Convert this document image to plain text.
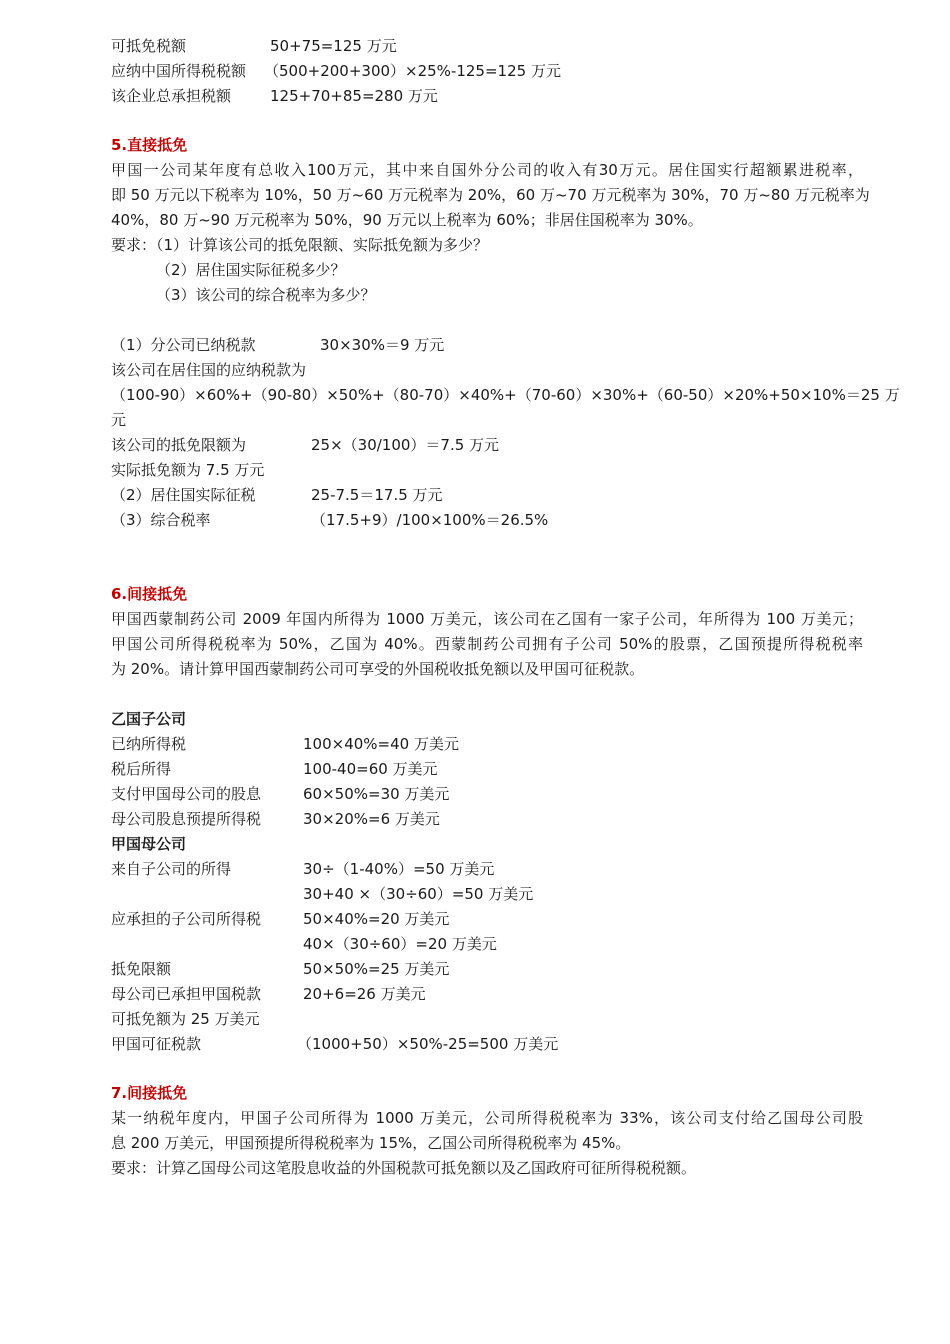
可抵免税额	50+75=125 万元
应纳中国所得税税额 （500+200+300）×25%-125=125 万元
该企业总承担税额	125+70+85=280 万元
5.直接抵免
甲国一公司某年度有总收入100万元，其中来自国外分公司的收入有30万元。居住国实行超额累进税率，
即 50 万元以下税率为 10%，50 万~60 万元税率为 20%，60 万~70 万元税率为 30%，70 万~80 万元税率为
40%，80 万~90 万元税率为 50%，90 万元以上税率为 60%；非居住国税率为 30%。
要求：（1）计算该公司的抵免限额、实际抵免额为多少？
（2）居住国实际征税多少？
（3）该公司的综合税率为多少？
（1）分公司已纳税款	30×30%＝9 万元
该公司在居住国的应纳税款为
（100-90）×60%+（90-80）×50%+（80-70）×40%+（70-60）×30%+（60-50）×20%+50×10%＝25 万
元
该公司的抵免限额为	25×（30/100）＝7.5 万元
实际抵免额为 7.5 万元
（2）居住国实际征税	25-7.5＝17.5 万元
（3）综合税率	（17.5+9）/100×100%＝26.5%
6.间接抵免
甲国西蒙制药公司 2009 年国内所得为 1000 万美元，该公司在乙国有一家子公司，年所得为 100 万美元；
甲国公司所得税税率为 50%，乙国为 40%。西蒙制药公司拥有子公司 50%的股票，乙国预提所得税税率
为 20%。请计算甲国西蒙制药公司可享受的外国税收抵免额以及甲国可征税款。
乙国子公司
已纳所得税	100×40%=40 万美元
税后所得	100-40=60 万美元
支付甲国母公司的股息	60×50%=30 万美元
母公司股息预提所得税	30×20%=6 万美元
甲国母公司
来自子公司的所得	30÷（1-40%）=50 万美元
30+40 ×（30÷60）=50 万美元
应承担的子公司所得税	50×40%=20 万美元
40×（30÷60）=20 万美元
抵免限额	50×50%=25 万美元
母公司已承担甲国税款	20+6=26 万美元
可抵免额为 25 万美元
甲国可征税款	（1000+50）×50%-25=500 万美元
7.间接抵免
某一纳税年度内，甲国子公司所得为 1000 万美元，公司所得税税率为 33%，该公司支付给乙国母公司股
息 200 万美元，甲国预提所得税税率为 15%，乙国公司所得税税率为 45%。
要求：计算乙国母公司这笔股息收益的外国税款可抵免额以及乙国政府可征所得税税额。
